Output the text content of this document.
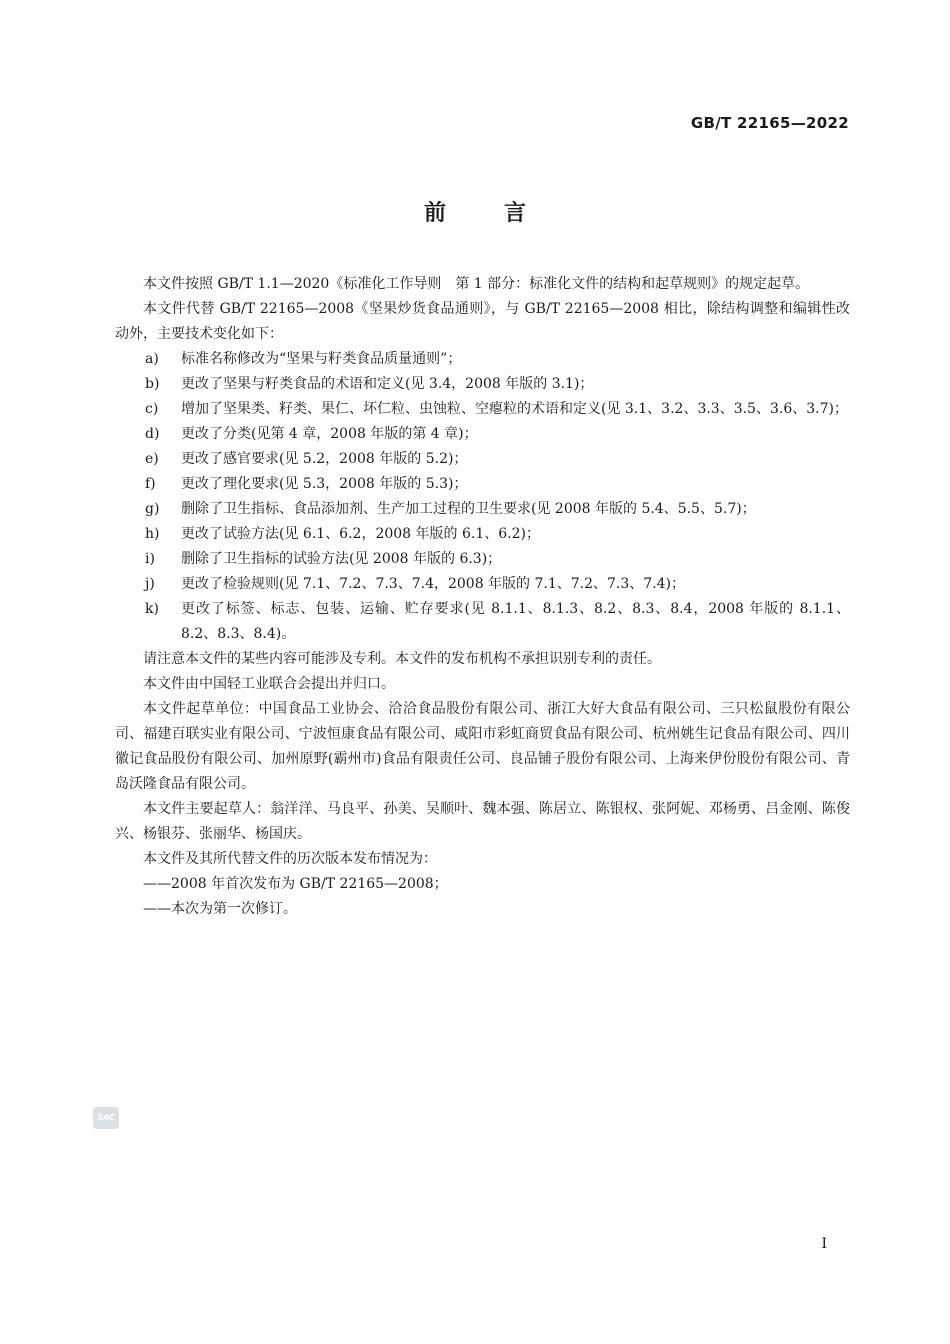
GB/T 22165—2022
前言

本文件按照 GB/T 1.1—2020《标准化工作导则　第 1 部分：标准化文件的结构和起草规则》的规定起草。

本文件代替 GB/T 22165—2008《坚果炒货食品通则》，与 GB/T 22165—2008 相比，除结构调整和编辑性改动外，主要技术变化如下：

a)	标准名称修改为“坚果与籽类食品质量通则”；
b)	更改了坚果与籽类食品的术语和定义(见 3.4，2008 年版的 3.1)；
c)	增加了坚果类、籽类、果仁、坏仁粒、虫蚀粒、空瘪粒的术语和定义(见 3.1、3.2、3.3、3.5、3.6、3.7)；
d)	更改了分类(见第 4 章，2008 年版的第 4 章)；
e)	更改了感官要求(见 5.2，2008 年版的 5.2)；
f)	更改了理化要求(见 5.3，2008 年版的 5.3)；
g)	删除了卫生指标、食品添加剂、生产加工过程的卫生要求(见 2008 年版的 5.4、5.5、5.7)；
h)	更改了试验方法(见 6.1、6.2，2008 年版的 6.1、6.2)；
i)	删除了卫生指标的试验方法(见 2008 年版的 6.3)；
j)	更改了检验规则(见 7.1、7.2、7.3、7.4，2008 年版的 7.1、7.2、7.3、7.4)；
k)	更改了标签、标志、包装、运输、贮存要求(见 8.1.1、8.1.3、8.2、8.3、8.4，2008 年版的 8.1.1、8.2、8.3、8.4)。

请注意本文件的某些内容可能涉及专利。本文件的发布机构不承担识别专利的责任。

本文件由中国轻工业联合会提出并归口。

本文件起草单位：中国食品工业协会、洽洽食品股份有限公司、浙江大好大食品有限公司、三只松鼠股份有限公司、福建百联实业有限公司、宁波恒康食品有限公司、咸阳市彩虹商贸食品有限公司、杭州姚生记食品有限公司、四川徽记食品股份有限公司、加州原野(霸州市)食品有限责任公司、良品铺子股份有限公司、上海来伊份股份有限公司、青岛沃隆食品有限公司。

本文件主要起草人：翁洋洋、马良平、孙美、吴顺叶、魏本强、陈居立、陈银权、张阿妮、邓杨勇、吕金刚、陈俊兴、杨银芬、张丽华、杨国庆。

本文件及其所代替文件的历次版本发布情况为：

——2008 年首次发布为 GB/T 22165—2008；

——本次为第一次修订。

SAC
I
